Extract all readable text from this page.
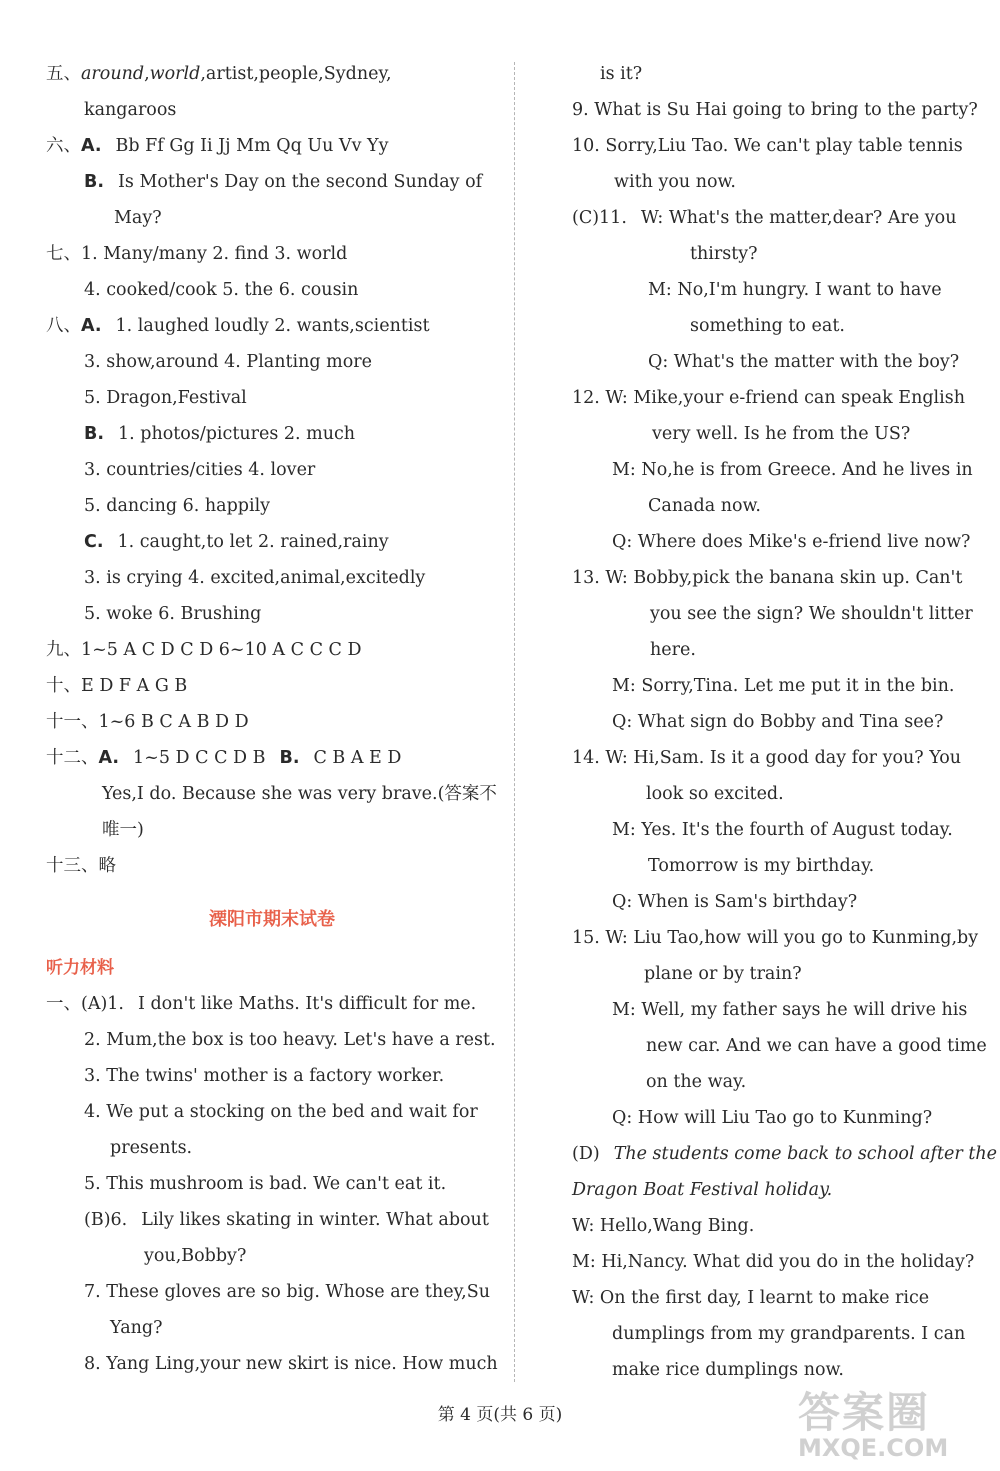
五、around,world,artist,people,Sydney,
kangaroos
六、A. Bb Ff Gg Ii Jj Mm Qq Uu Vv Yy
B. Is Mother's Day on the second Sunday of
May?
七、1. Many/many 2. find 3. world
4. cooked/cook 5. the 6. cousin
八、A. 1. laughed loudly 2. wants,scientist
3. show,around 4. Planting more
5. Dragon,Festival
B. 1. photos/pictures 2. much
3. countries/cities 4. lover
5. dancing 6. happily
C. 1. caught,to let 2. rained,rainy
3. is crying 4. excited,animal,excitedly
5. woke 6. Brushing
九、1~5 A C D C D 6~10 A C C C D
十、E D F A G B
十一、1~6 B C A B D D
十二、A. 1~5 D C C D B B. C B A E D
Yes,I do. Because she was very brave.(答案不
唯一)
十三、略
溧阳市期末试卷
听力材料
一、(A)1. I don't like Maths. It's difficult for me.
2. Mum,the box is too heavy. Let's have a rest.
3. The twins' mother is a factory worker.
4. We put a stocking on the bed and wait for
presents.
5. This mushroom is bad. We can't eat it.
(B)6. Lily likes skating in winter. What about
you,Bobby?
7. These gloves are so big. Whose are they,Su
Yang?
8. Yang Ling,your new skirt is nice. How much
is it?
9. What is Su Hai going to bring to the party?
10. Sorry,Liu Tao. We can't play table tennis
with you now.
(C)11. W: What's the matter,dear? Are you
thirsty?
M: No,I'm hungry. I want to have
something to eat.
Q: What's the matter with the boy?
12. W: Mike,your e-friend can speak English
very well. Is he from the US?
M: No,he is from Greece. And he lives in
Canada now.
Q: Where does Mike's e-friend live now?
13. W: Bobby,pick the banana skin up. Can't
you see the sign? We shouldn't litter
here.
M: Sorry,Tina. Let me put it in the bin.
Q: What sign do Bobby and Tina see?
14. W: Hi,Sam. Is it a good day for you? You
look so excited.
M: Yes. It's the fourth of August today.
Tomorrow is my birthday.
Q: When is Sam's birthday?
15. W: Liu Tao,how will you go to Kunming,by
plane or by train?
M: Well, my father says he will drive his
new car. And we can have a good time
on the way.
Q: How will Liu Tao go to Kunming?
(D) The students come back to school after the
Dragon Boat Festival holiday.
W: Hello,Wang Bing.
M: Hi,Nancy. What did you do in the holiday?
W: On the first day, I learnt to make rice
dumplings from my grandparents. I can
make rice dumplings now.
第 4 页(共 6 页)	答案圈
MXQE.COM
